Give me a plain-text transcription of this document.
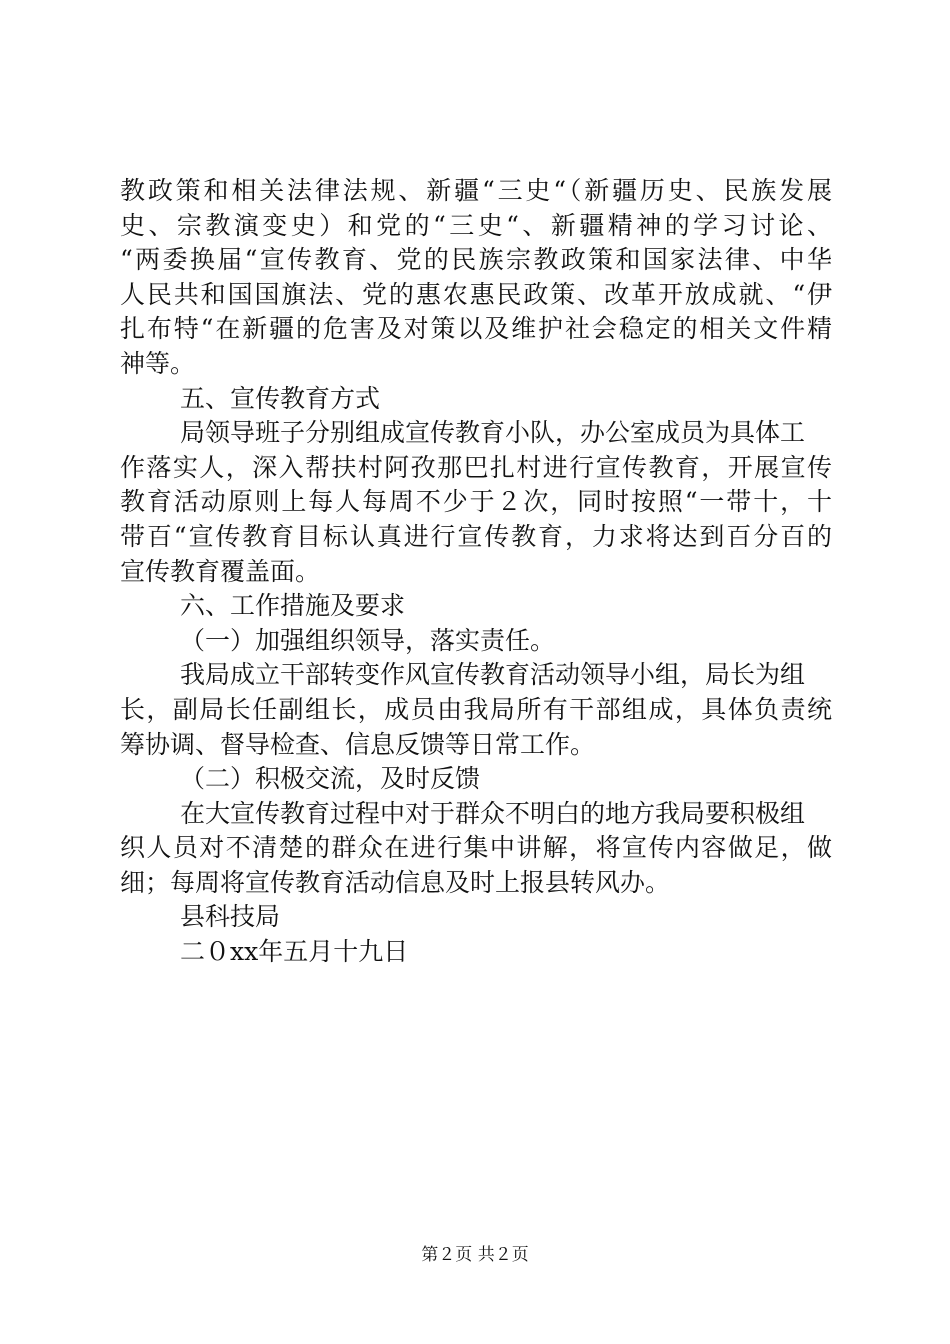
教政策和相关法律法规、新疆“三史“（新疆历史、民族发展
史、宗教演变史）和党的“三史“、新疆精神的学习讨论、
“两委换届“宣传教育、党的民族宗教政策和国家法律、中华
人民共和国国旗法、党的惠农惠民政策、改革开放成就、“伊
扎布特“在新疆的危害及对策以及维护社会稳定的相关文件精
神等。
五、宣传教育方式
局领导班子分别组成宣传教育小队，办公室成员为具体工
作落实人，深入帮扶村阿孜那巴扎村进行宣传教育，开展宣传
教育活动原则上每人每周不少于２次，同时按照“一带十，十
带百“宣传教育目标认真进行宣传教育，力求将达到百分百的
宣传教育覆盖面。
六、工作措施及要求
（一）加强组织领导，落实责任。
我局成立干部转变作风宣传教育活动领导小组，局长为组
长，副局长任副组长，成员由我局所有干部组成，具体负责统
筹协调、督导检查、信息反馈等日常工作。
（二）积极交流，及时反馈
在大宣传教育过程中对于群众不明白的地方我局要积极组
织人员对不清楚的群众在进行集中讲解，将宣传内容做足，做
细；每周将宣传教育活动信息及时上报县转风办。
县科技局
二０xx年五月十九日
第２页 共２页
